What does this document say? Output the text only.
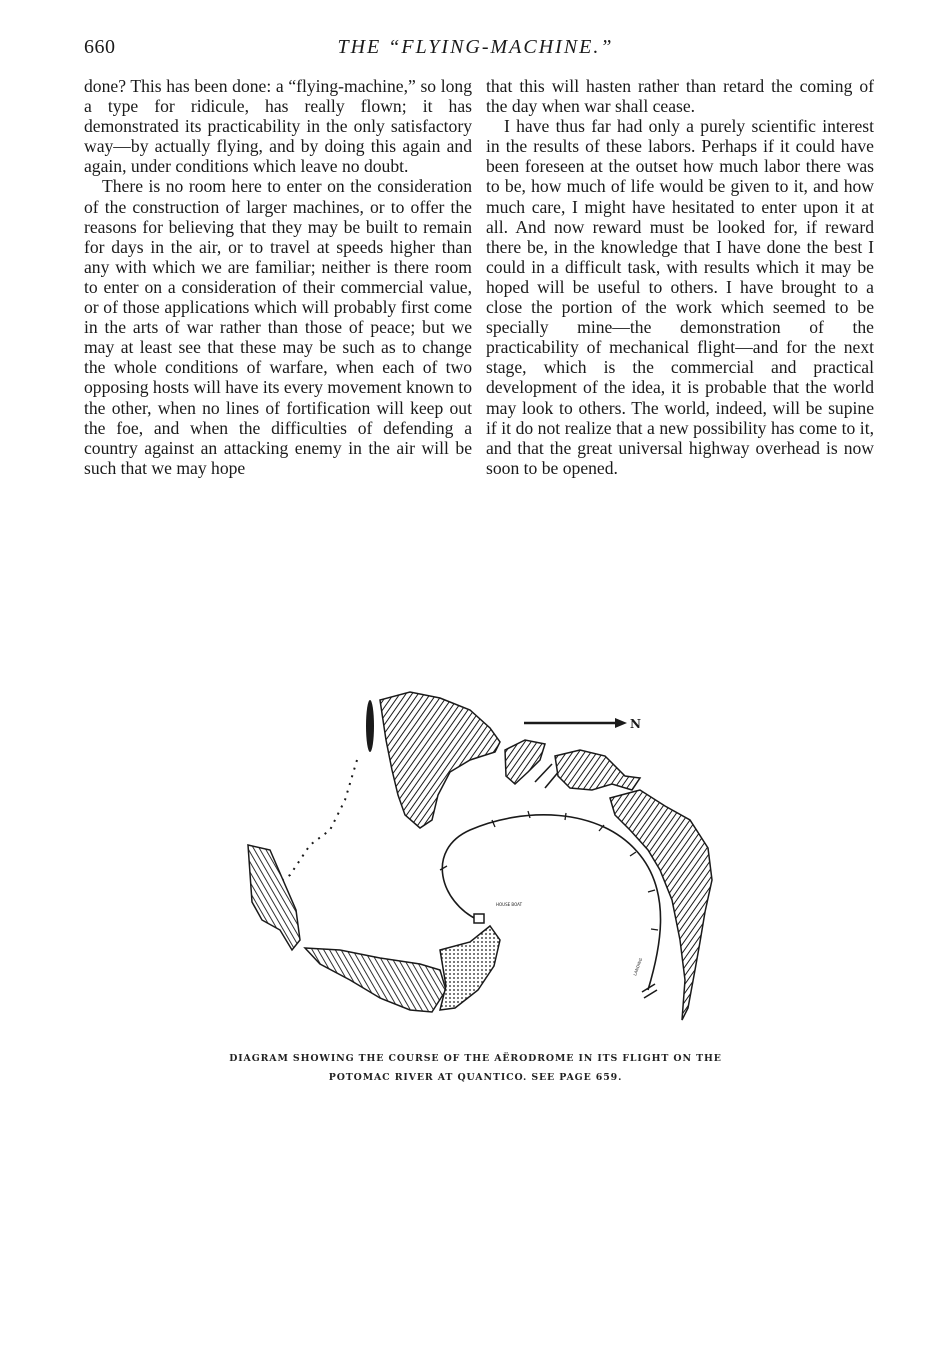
660	THE “FLYING-MACHINE.”

done? This has been done: a “flying-machine,” so long a type for ridicule, has really flown; it has demonstrated its practicability in the only satisfactory way—by actually flying, and by doing this again and again, under conditions which leave no doubt.

There is no room here to enter on the consideration of the construction of larger machines, or to offer the reasons for believing that they may be built to remain for days in the air, or to travel at speeds higher than any with which we are familiar; neither is there room to enter on a consideration of their commercial value, or of those applications which will probably first come in the arts of war rather than those of peace; but we may at least see that these may be such as to change the whole conditions of warfare, when each of two opposing hosts will have its every movement known to the other, when no lines of fortification will keep out the foe, and when the difficulties of defending a country against an attacking enemy in the air will be such that we may hope

that this will hasten rather than retard the coming of the day when war shall cease.

I have thus far had only a purely scientific interest in the results of these labors. Perhaps if it could have been foreseen at the outset how much labor there was to be, how much of life would be given to it, and how much care, I might have hesitated to enter upon it at all. And now reward must be looked for, if reward there be, in the knowledge that I have done the best I could in a difficult task, with results which it may be hoped will be useful to others. I have brought to a close the portion of the work which seemed to be specially mine—the demonstration of the practicability of mechanical flight—and for the next stage, which is the commercial and practical development of the idea, it is probable that the world may look to others. The world, indeed, will be supine if it do not realize that a new possibility has come to it, and that the great universal highway overhead is now soon to be opened.

N
HOUSE BOAT
LANDING
DIAGRAM SHOWING THE COURSE OF THE AËRODROME IN ITS FLIGHT ON THE
POTOMAC RIVER AT QUANTICO. SEE PAGE 659.
